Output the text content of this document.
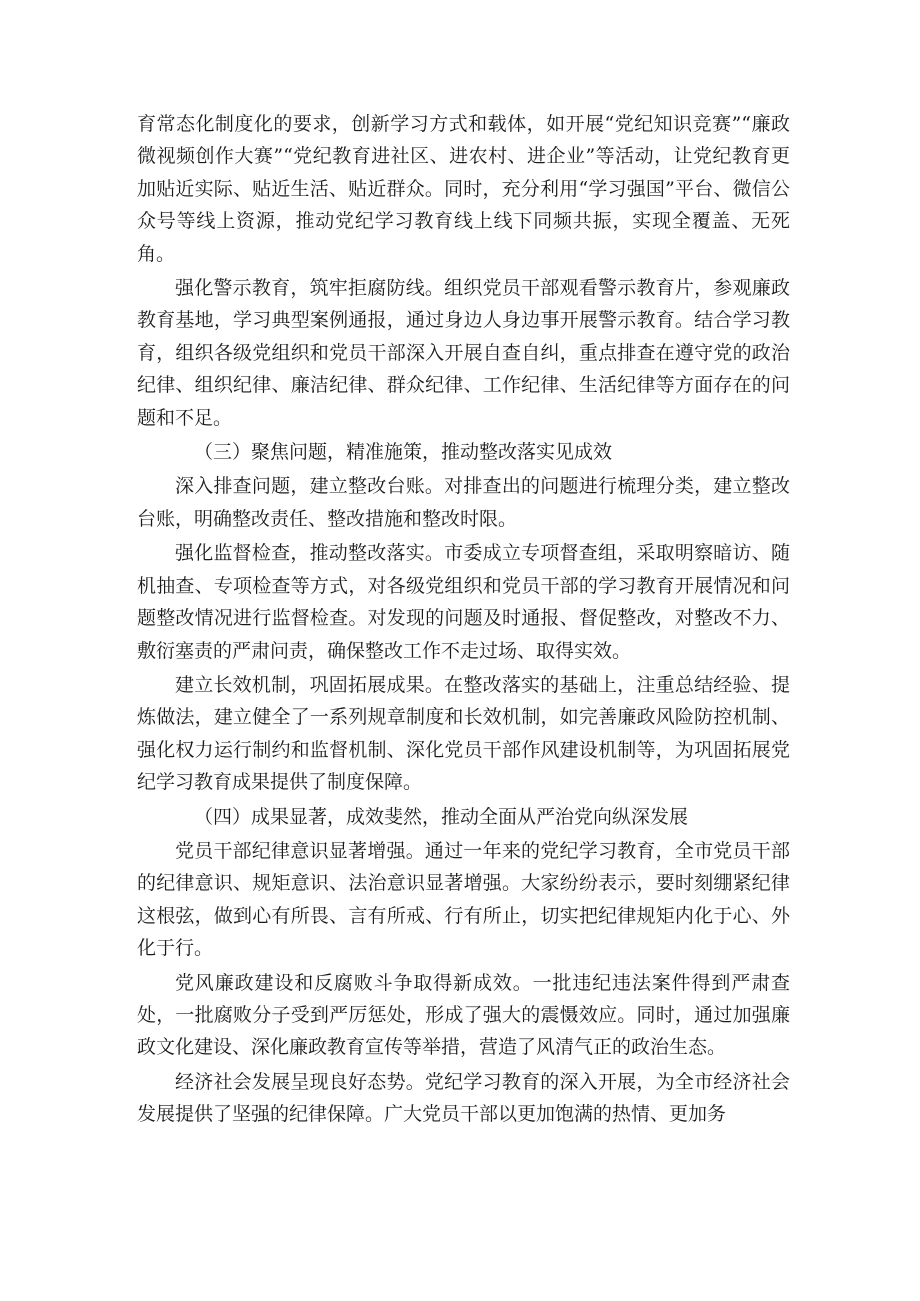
育常态化制度化的要求，创新学习方式和载体，如开展“党纪知识竞赛”“廉政微视频创作大赛”“党纪教育进社区、进农村、进企业”等活动，让党纪教育更加贴近实际、贴近生活、贴近群众。同时，充分利用“学习强国”平台、微信公众号等线上资源，推动党纪学习教育线上线下同频共振，实现全覆盖、无死角。

强化警示教育，筑牢拒腐防线。组织党员干部观看警示教育片，参观廉政教育基地，学习典型案例通报，通过身边人身边事开展警示教育。结合学习教育，组织各级党组织和党员干部深入开展自查自纠，重点排查在遵守党的政治纪律、组织纪律、廉洁纪律、群众纪律、工作纪律、生活纪律等方面存在的问题和不足。

（三）聚焦问题，精准施策，推动整改落实见成效

深入排查问题，建立整改台账。对排查出的问题进行梳理分类，建立整改台账，明确整改责任、整改措施和整改时限。

强化监督检查，推动整改落实。市委成立专项督查组，采取明察暗访、随机抽查、专项检查等方式，对各级党组织和党员干部的学习教育开展情况和问题整改情况进行监督检查。对发现的问题及时通报、督促整改，对整改不力、敷衍塞责的严肃问责，确保整改工作不走过场、取得实效。

建立长效机制，巩固拓展成果。在整改落实的基础上，注重总结经验、提炼做法，建立健全了一系列规章制度和长效机制，如完善廉政风险防控机制、强化权力运行制约和监督机制、深化党员干部作风建设机制等，为巩固拓展党纪学习教育成果提供了制度保障。

（四）成果显著，成效斐然，推动全面从严治党向纵深发展

党员干部纪律意识显著增强。通过一年来的党纪学习教育，全市党员干部的纪律意识、规矩意识、法治意识显著增强。大家纷纷表示，要时刻绷紧纪律这根弦，做到心有所畏、言有所戒、行有所止，切实把纪律规矩内化于心、外化于行。

党风廉政建设和反腐败斗争取得新成效。一批违纪违法案件得到严肃查处，一批腐败分子受到严厉惩处，形成了强大的震慑效应。同时，通过加强廉政文化建设、深化廉政教育宣传等举措，营造了风清气正的政治生态。

经济社会发展呈现良好态势。党纪学习教育的深入开展，为全市经济社会发展提供了坚强的纪律保障。广大党员干部以更加饱满的热情、更加务
